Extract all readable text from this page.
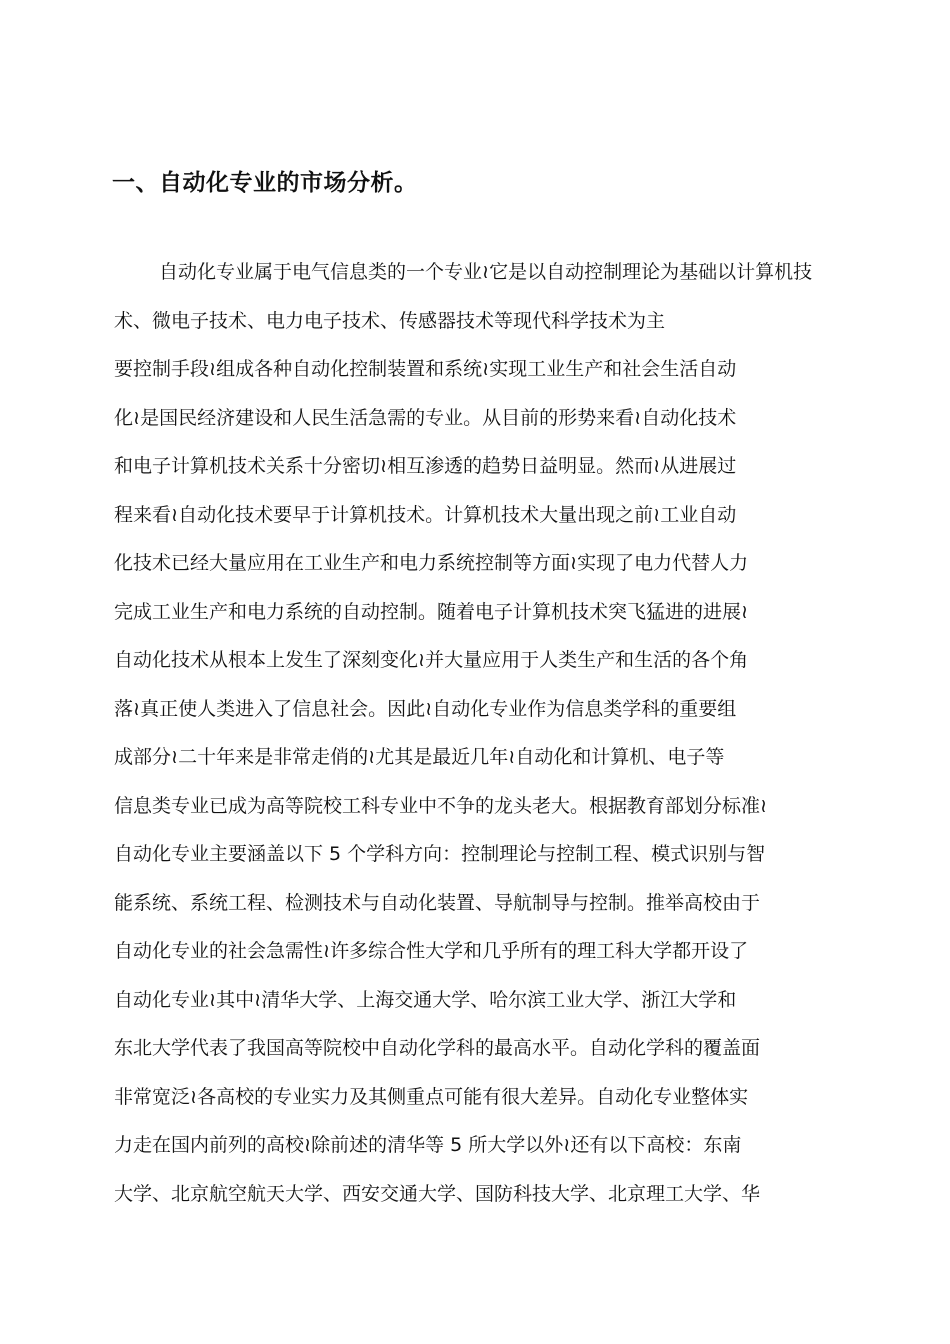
一、自动化专业的市场分析。
自动化专业属于电气信息类的一个专业≀它是以自动控制理论为基础以计算机技
术、微电子技术、电力电子技术、传感器技术等现代科学技术为主
要控制手段≀组成各种自动化控制装置和系统≀实现工业生产和社会生活自动
化≀是国民经济建设和人民生活急需的专业。从目前的形势来看≀自动化技术
和电子计算机技术关系十分密切≀相互渗透的趋势日益明显。然而≀从进展过
程来看≀自动化技术要早于计算机技术。计算机技术大量出现之前≀工业自动
化技术已经大量应用在工业生产和电力系统控制等方面≀实现了电力代替人力
完成工业生产和电力系统的自动控制。随着电子计算机技术突飞猛进的进展≀
自动化技术从根本上发生了深刻变化≀并大量应用于人类生产和生活的各个角
落≀真正使人类进入了信息社会。因此≀自动化专业作为信息类学科的重要组
成部分≀二十年来是非常走俏的≀尤其是最近几年≀自动化和计算机、电子等
信息类专业已成为高等院校工科专业中不争的龙头老大。根据教育部划分标准≀
自动化专业主要涵盖以下 5 个学科方向：控制理论与控制工程、模式识别与智
能系统、系统工程、检测技术与自动化装置、导航制导与控制。推举高校由于
自动化专业的社会急需性≀许多综合性大学和几乎所有的理工科大学都开设了
自动化专业≀其中≀清华大学、上海交通大学、哈尔滨工业大学、浙江大学和
东北大学代表了我国高等院校中自动化学科的最高水平。自动化学科的覆盖面
非常宽泛≀各高校的专业实力及其侧重点可能有很大差异。自动化专业整体实
力走在国内前列的高校≀除前述的清华等 5 所大学以外≀还有以下高校：东南
大学、北京航空航天大学、西安交通大学、国防科技大学、北京理工大学、华
